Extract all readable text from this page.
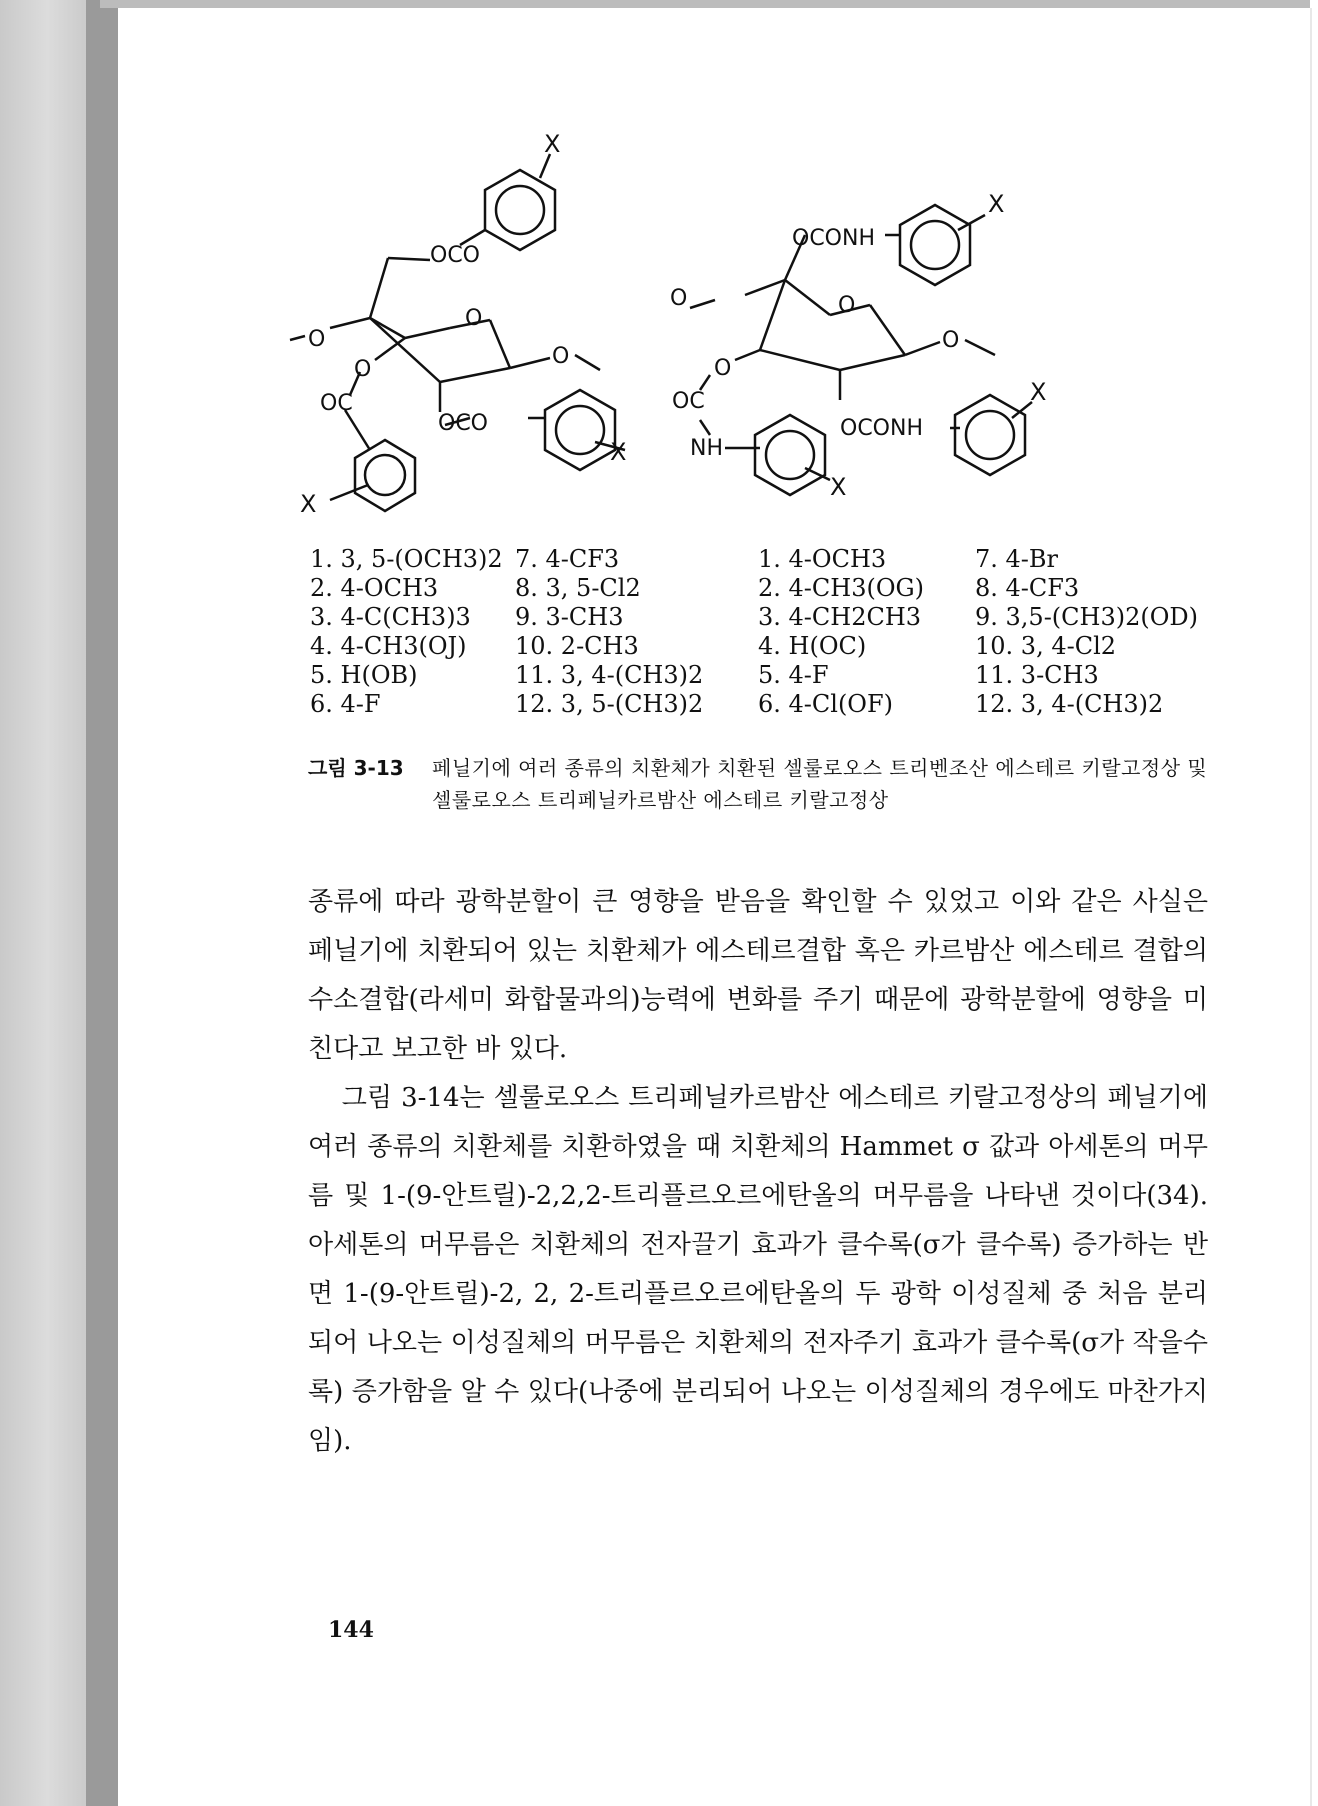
X
OCO
O
O
O
O
OC
OCO
X
X
OCONH
X
O
O
O
O
OC
NH
OCONH
X
X
1. 3, 5-(OCH3)2
2. 4-OCH3
3. 4-C(CH3)3
4. 4-CH3(OJ)
5. H(OB)
6. 4-F
7. 4-CF3
8. 3, 5-Cl2
9. 3-CH3
10. 2-CH3
11. 3, 4-(CH3)2
12. 3, 5-(CH3)2
1. 4-OCH3
2. 4-CH3(OG)
3. 4-CH2CH3
4. H(OC)
5. 4-F
6. 4-Cl(OF)
7. 4-Br
8. 4-CF3
9. 3,5-(CH3)2(OD)
10. 3, 4-Cl2
11. 3-CH3
12. 3, 4-(CH3)2
그림 3-13 페닐기에 여러 종류의 치환체가 치환된 셀룰로오스 트리벤조산 에스테르 키랄고정상 및 셀룰로오스 트리페닐카르밤산 에스테르 키랄고정상

종류에 따라 광학분할이 큰 영향을 받음을 확인할 수 있었고 이와 같은 사실은 페닐기에 치환되어 있는 치환체가 에스테르결합 혹은 카르밤산 에스테르 결합의 수소결합(라세미 화합물과의)능력에 변화를 주기 때문에 광학분할에 영향을 미친다고 보고한 바 있다.

그림 3-14는 셀룰로오스 트리페닐카르밤산 에스테르 키랄고정상의 페닐기에 여러 종류의 치환체를 치환하였을 때 치환체의 Hammet σ 값과 아세톤의 머무름 및 1-(9-안트릴)-2,2,2-트리플르오르에탄올의 머무름을 나타낸 것이다(34). 아세톤의 머무름은 치환체의 전자끌기 효과가 클수록(σ가 클수록) 증가하는 반면 1-(9-안트릴)-2, 2, 2-트리플르오르에탄올의 두 광학 이성질체 중 처음 분리되어 나오는 이성질체의 머무름은 치환체의 전자주기 효과가 클수록(σ가 작을수록) 증가함을 알 수 있다(나중에 분리되어 나오는 이성질체의 경우에도 마찬가지임).

144
